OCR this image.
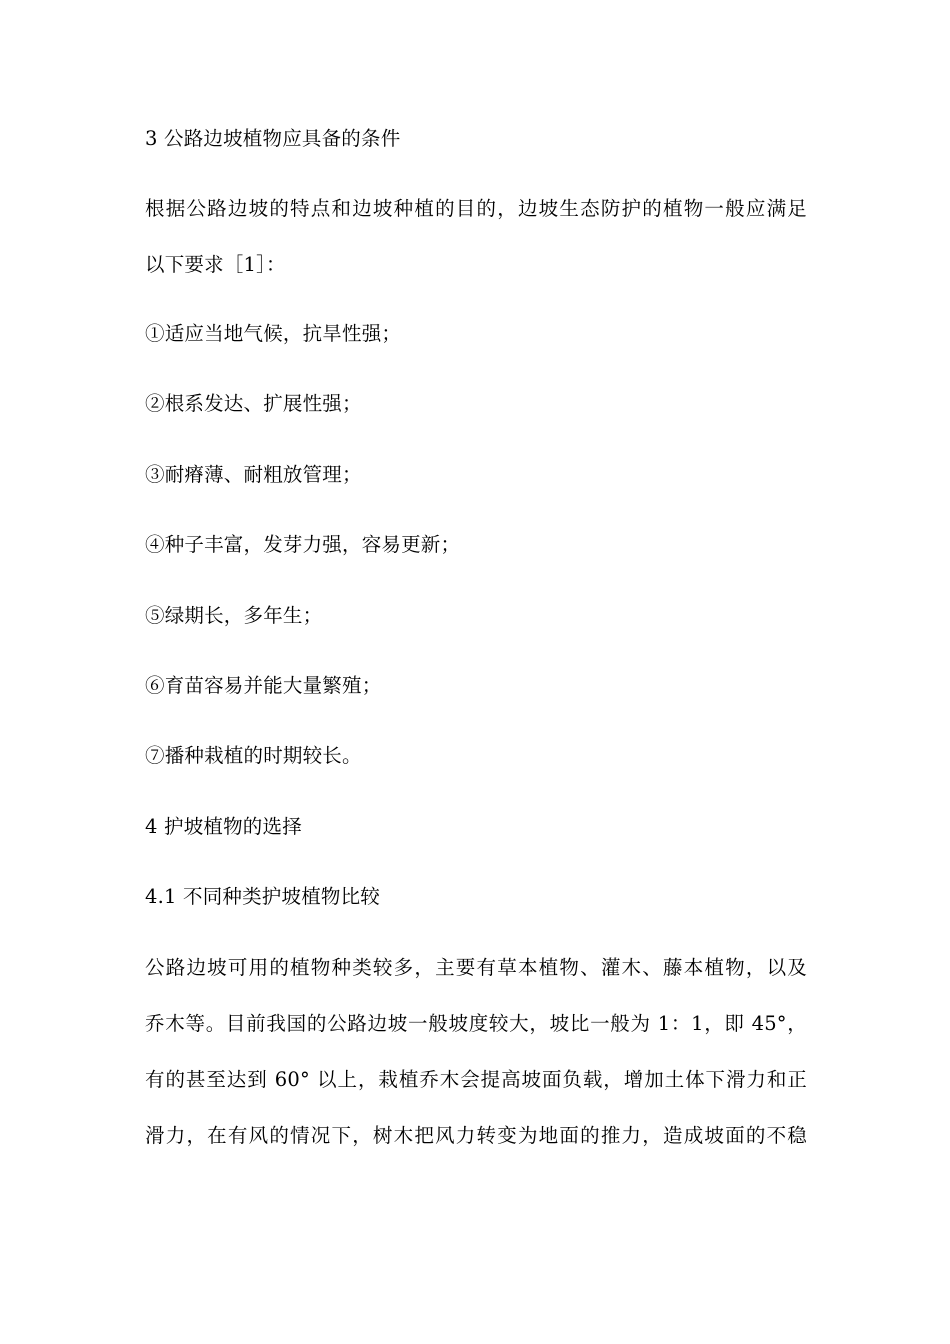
3 公路边坡植物应具备的条件
根据公路边坡的特点和边坡种植的目的，边坡生态防护的植物一般应满足
以下要求［1］：
①适应当地气候，抗旱性强；
②根系发达、扩展性强；
③耐瘠薄、耐粗放管理；
④种子丰富，发芽力强，容易更新；
⑤绿期长，多年生；
⑥育苗容易并能大量繁殖；
⑦播种栽植的时期较长。
4 护坡植物的选择
4.1 不同种类护坡植物比较
公路边坡可用的植物种类较多，主要有草本植物、灌木、藤本植物，以及
乔木等。目前我国的公路边坡一般坡度较大，坡比一般为 1：1，即 45°，
有的甚至达到 60° 以上，栽植乔木会提高坡面负载，增加土体下滑力和正
滑力，在有风的情况下，树木把风力转变为地面的推力，造成坡面的不稳
